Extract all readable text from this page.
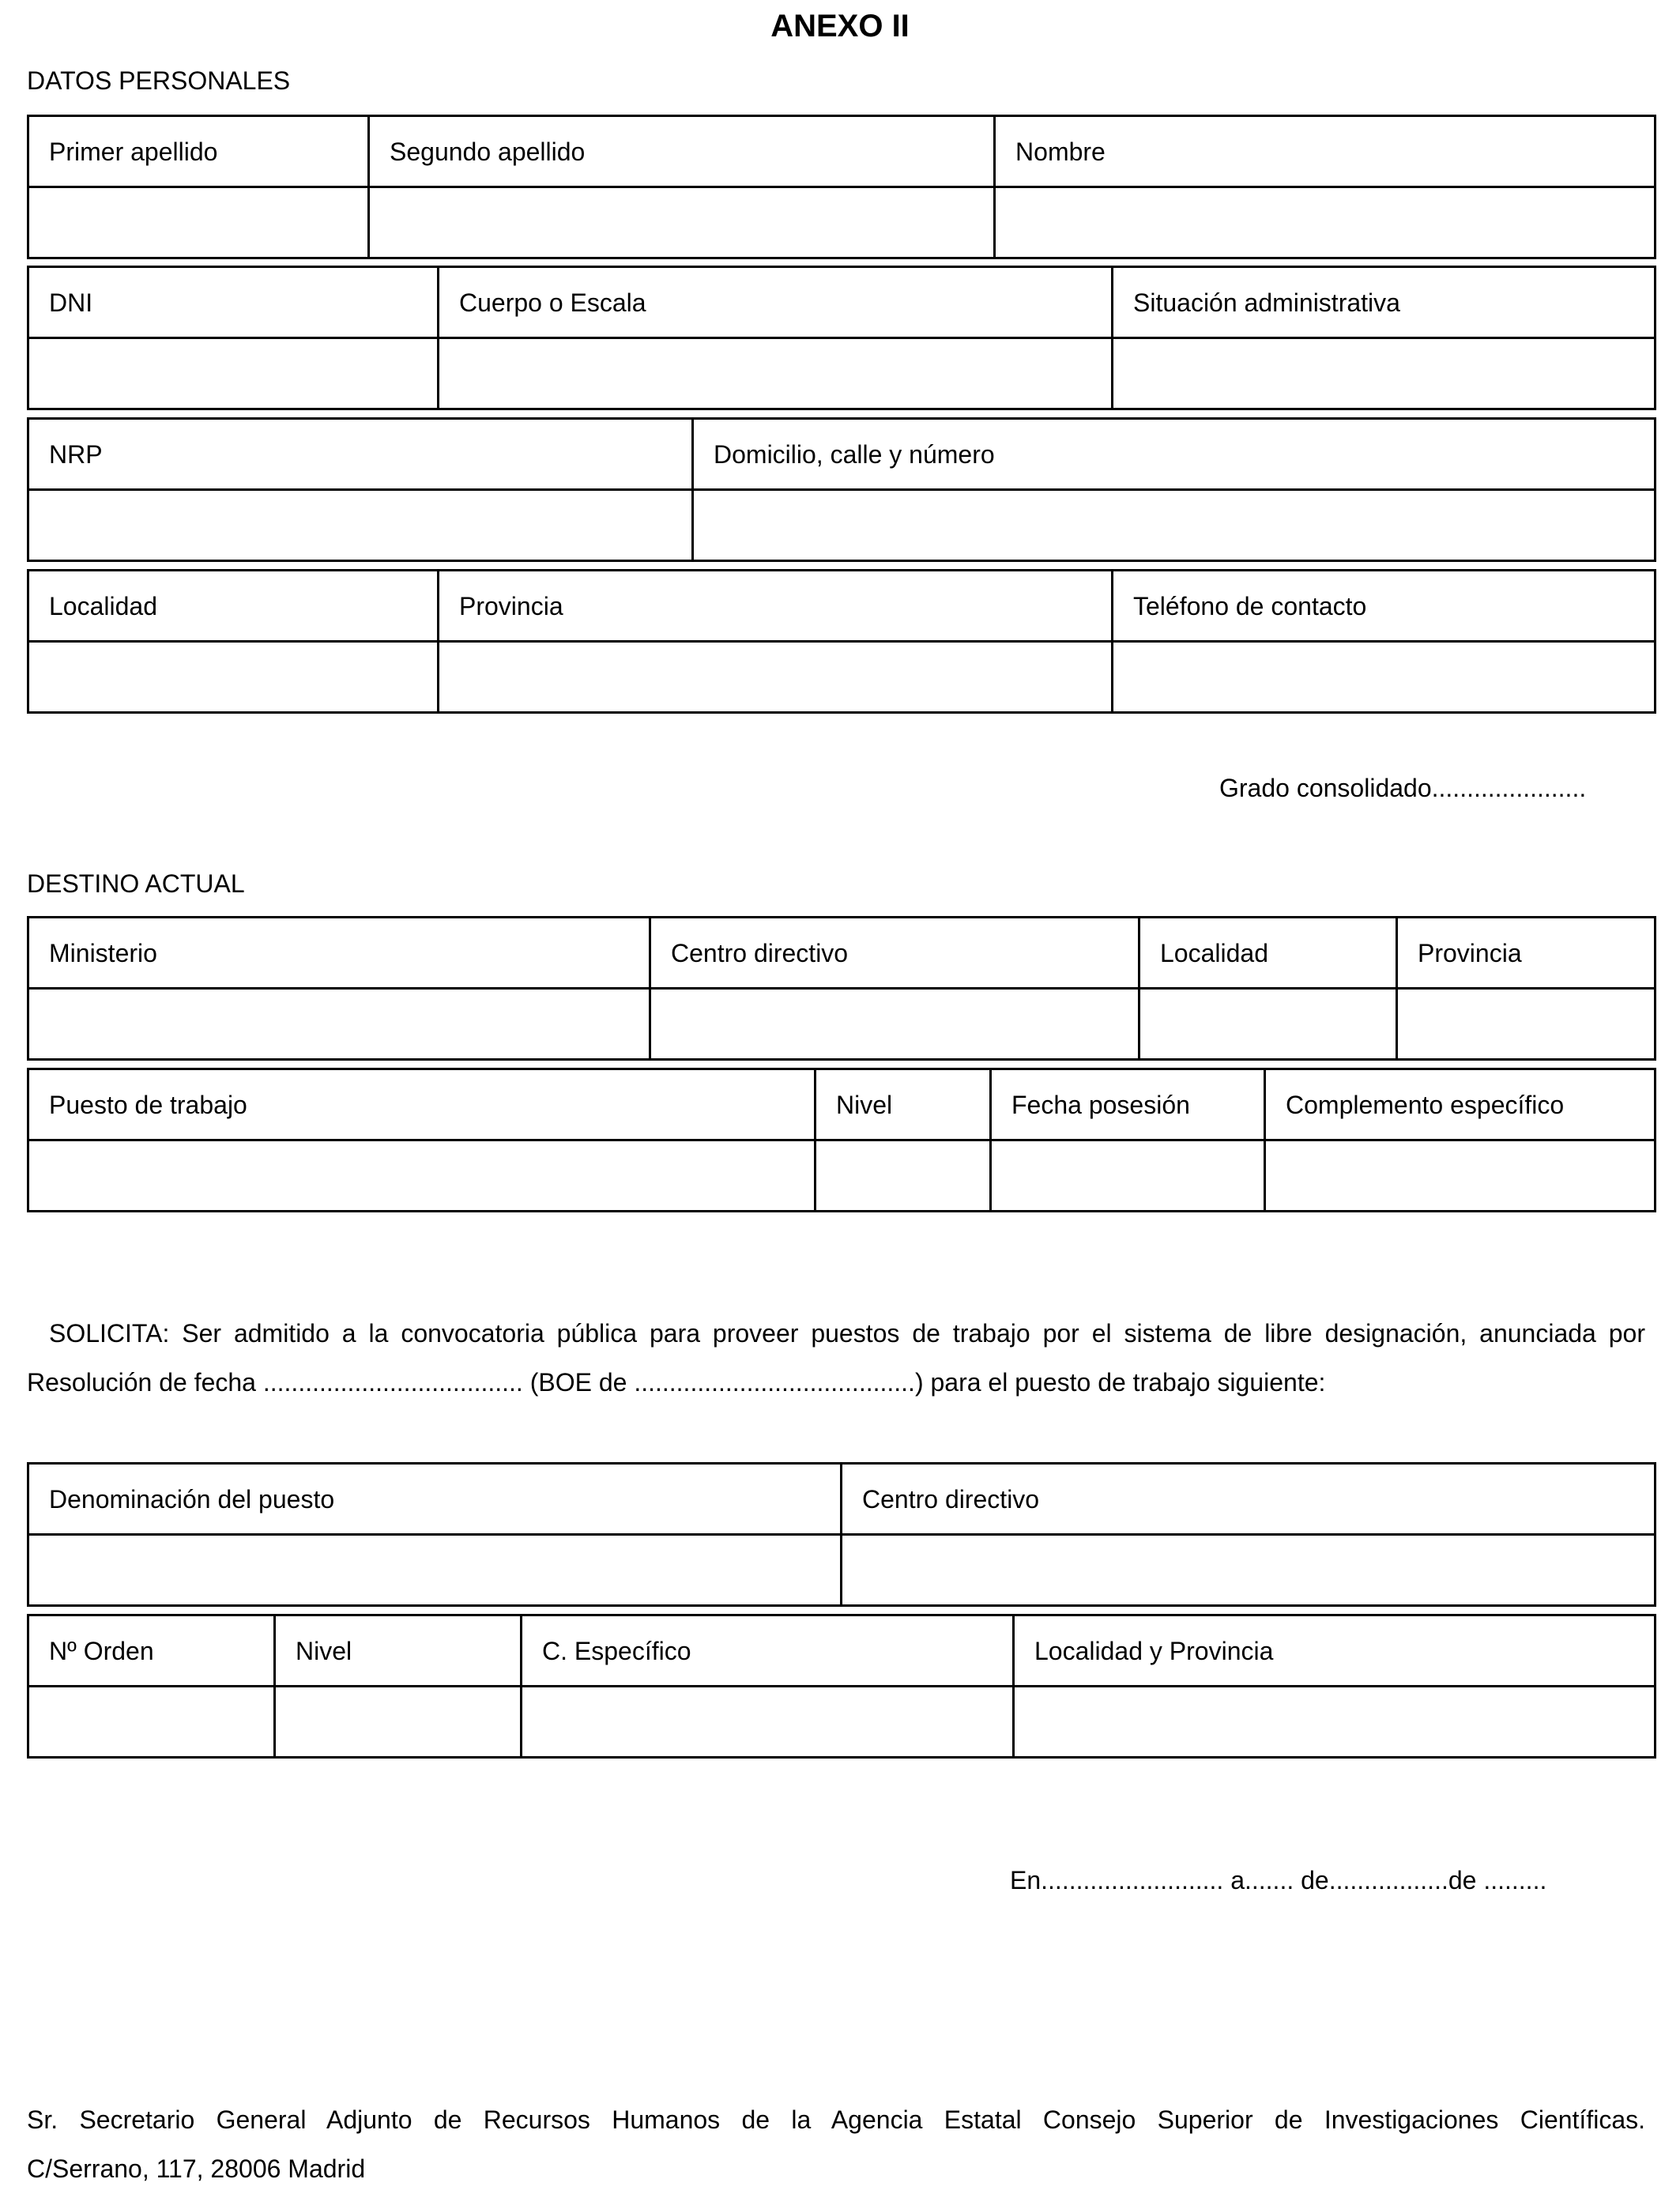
ANEXO II
DATOS PERSONALES
Primer apellido	Segundo apellido	Nombre

DNI	Cuerpo o Escala	Situación administrativa

NRP	Domicilio, calle y número

Localidad	Provincia	Teléfono de contacto

Grado consolidado......................
DESTINO ACTUAL
Ministerio	Centro directivo	Localidad	Provincia

Puesto de trabajo	Nivel	Fecha posesión	Complemento específico

SOLICITA: Ser admitido a la convocatoria pública para proveer puestos de trabajo por el sistema de libre designación, anunciada por Resolución de fecha ..................................... (BOE de ........................................) para el puesto de trabajo siguiente:
Denominación del puesto	Centro directivo

Nº Orden	Nivel	C. Específico	Localidad y Provincia

En.......................... a....... de.................de .........
Sr. Secretario General Adjunto de Recursos Humanos de la Agencia Estatal Consejo Superior de Investigaciones Científicas.
C/Serrano, 117, 28006 Madrid
